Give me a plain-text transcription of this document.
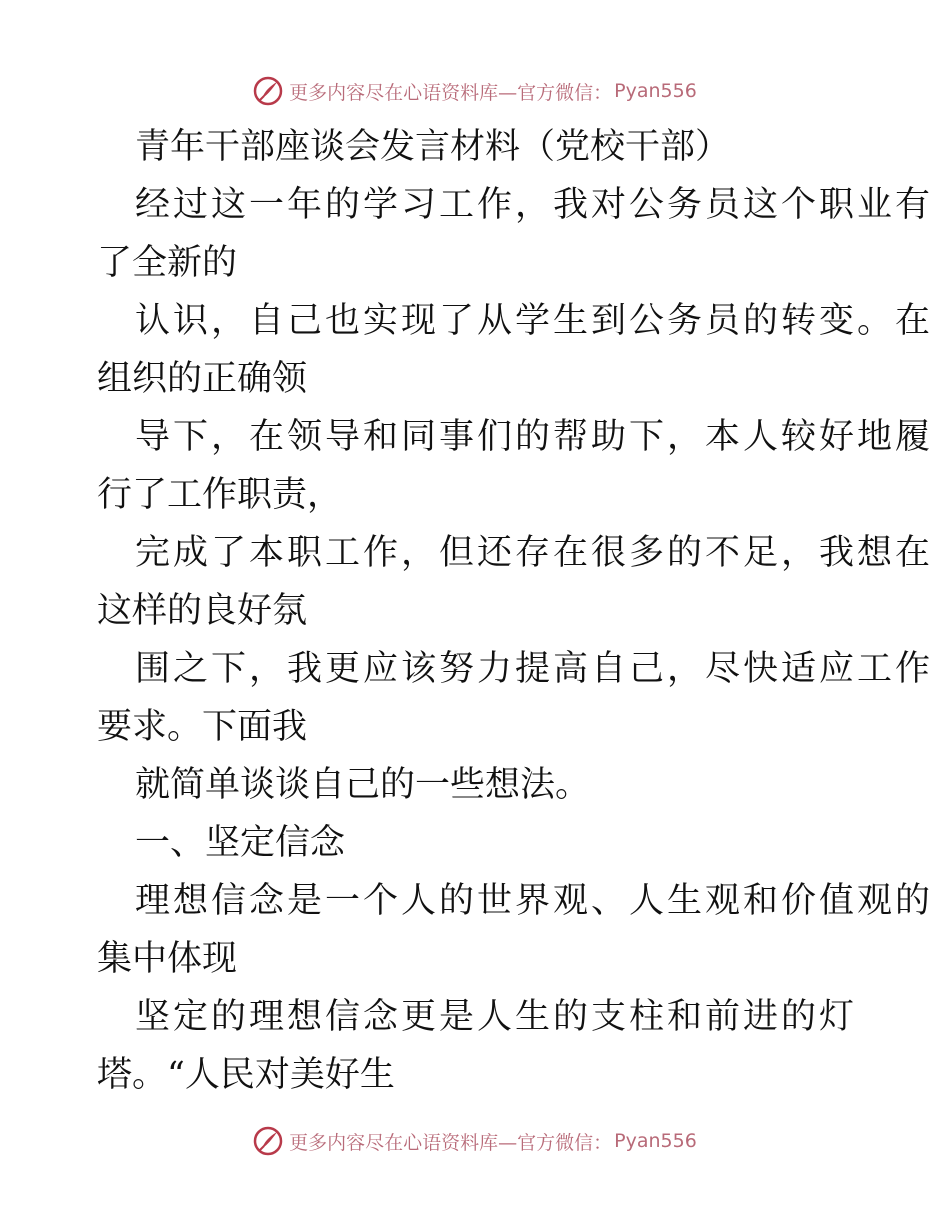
更多内容尽在心语资料库—官方微信： Pyan556
青年干部座谈会发言材料（党校干部）
经过这一年的学习工作，我对公务员这个职业有
了全新的
认识，自己也实现了从学生到公务员的转变。在
组织的正确领
导下，在领导和同事们的帮助下，本人较好地履
行了工作职责，
完成了本职工作，但还存在很多的不足，我想在
这样的良好氛
围之下，我更应该努力提高自己，尽快适应工作
要求。下面我
就简单谈谈自己的一些想法。
一、坚定信念
理想信念是一个人的世界观、人生观和价值观的
集中体现
坚定的理想信念更是人生的支柱和前进的灯
塔。“人民对美好生
更多内容尽在心语资料库—官方微信： Pyan556
